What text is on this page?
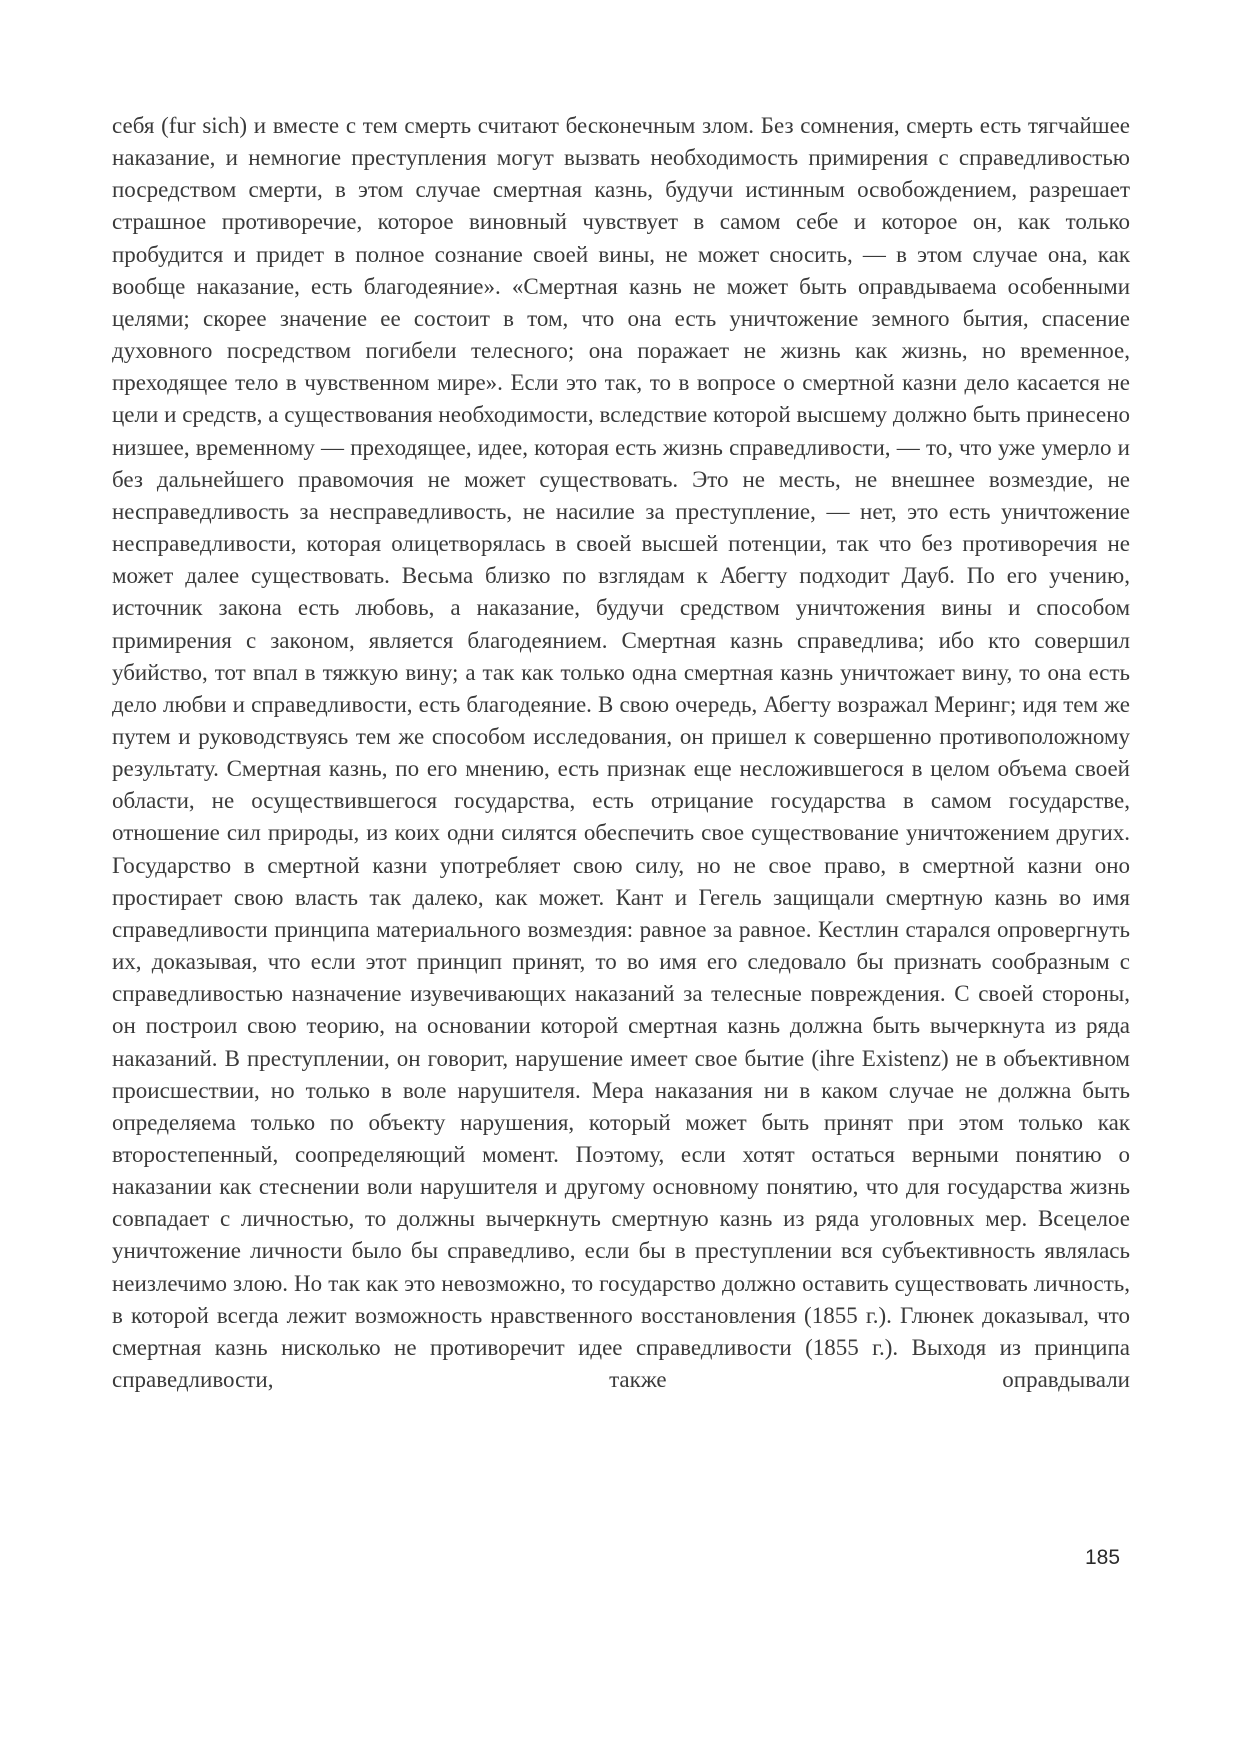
себя (fur sich) и вместе с тем смерть считают бесконечным злом. Без сомнения, смерть есть тягчайшее наказание, и немногие преступления могут вызвать необходимость примирения с справедливостью посредством смерти, в этом случае смертная казнь, будучи истинным освобождением, разрешает страшное противоречие, которое виновный чувствует в самом себе и которое он, как только пробудится и придет в полное сознание своей вины, не может сносить, — в этом случае она, как вообще наказание, есть благодеяние». «Смертная казнь не может быть оправдываема особенными целями; скорее значение ее состоит в том, что она есть уничтожение земного бытия, спасение духовного посредством погибели телесного; она поражает не жизнь как жизнь, но временное, преходящее тело в чувственном мире». Если это так, то в вопросе о смертной казни дело касается не цели и средств, а существования необходимости, вследствие которой высшему должно быть принесено низшее, временному — преходящее, идее, которая есть жизнь справедливости, — то, что уже умерло и без дальнейшего правомочия не может существовать. Это не месть, не внешнее возмездие, не несправедливость за несправедливость, не насилие за преступление, — нет, это есть уничтожение несправедливости, которая олицетворялась в своей высшей потенции, так что без противоречия не может далее существовать. Весьма близко по взглядам к Абегту подходит Дауб. По его учению, источник закона есть любовь, а наказание, будучи средством уничтожения вины и способом примирения с законом, является благодеянием. Смертная казнь справедлива; ибо кто совершил убийство, тот впал в тяжкую вину; а так как только одна смертная казнь уничтожает вину, то она есть дело любви и справедливости, есть благодеяние. В свою очередь, Абегту возражал Меринг; идя тем же путем и руководствуясь тем же способом исследования, он пришел к совершенно противоположному результату. Смертная казнь, по его мнению, есть признак еще несложившегося в целом объема своей области, не осуществившегося государства, есть отрицание государства в самом государстве, отношение сил природы, из коих одни силятся обеспечить свое существование уничтожением других. Государство в смертной казни употребляет свою силу, но не свое право, в смертной казни оно простирает свою власть так далеко, как может. Кант и Гегель защищали смертную казнь во имя справедливости принципа материального возмездия: равное за равное. Кестлин старался опровергнуть их, доказывая, что если этот принцип принят, то во имя его следовало бы признать сообразным с справедливостью назначение изувечивающих наказаний за телесные повреждения. С своей стороны, он построил свою теорию, на основании которой смертная казнь должна быть вычеркнута из ряда наказаний. В преступлении, он говорит, нарушение имеет свое бытие (ihre Existenz) не в объективном происшествии, но только в воле нарушителя. Мера наказания ни в каком случае не должна быть определяема только по объекту нарушения, который может быть принят при этом только как второстепенный, соопределяющий момент. Поэтому, если хотят остаться верными понятию о наказании как стеснении воли нарушителя и другому основному понятию, что для государства жизнь совпадает с личностью, то должны вычеркнуть смертную казнь из ряда уголовных мер. Всецелое уничтожение личности было бы справедливо, если бы в преступлении вся субъективность являлась неизлечимо злою. Но так как это невозможно, то государство должно оставить существовать личность, в которой всегда лежит возможность нравственного восстановления (1855 г.). Глюнек доказывал, что смертная казнь нисколько не противоречит идее справедливости (1855 г.). Выходя из принципа справедливости, также оправдывали

185
